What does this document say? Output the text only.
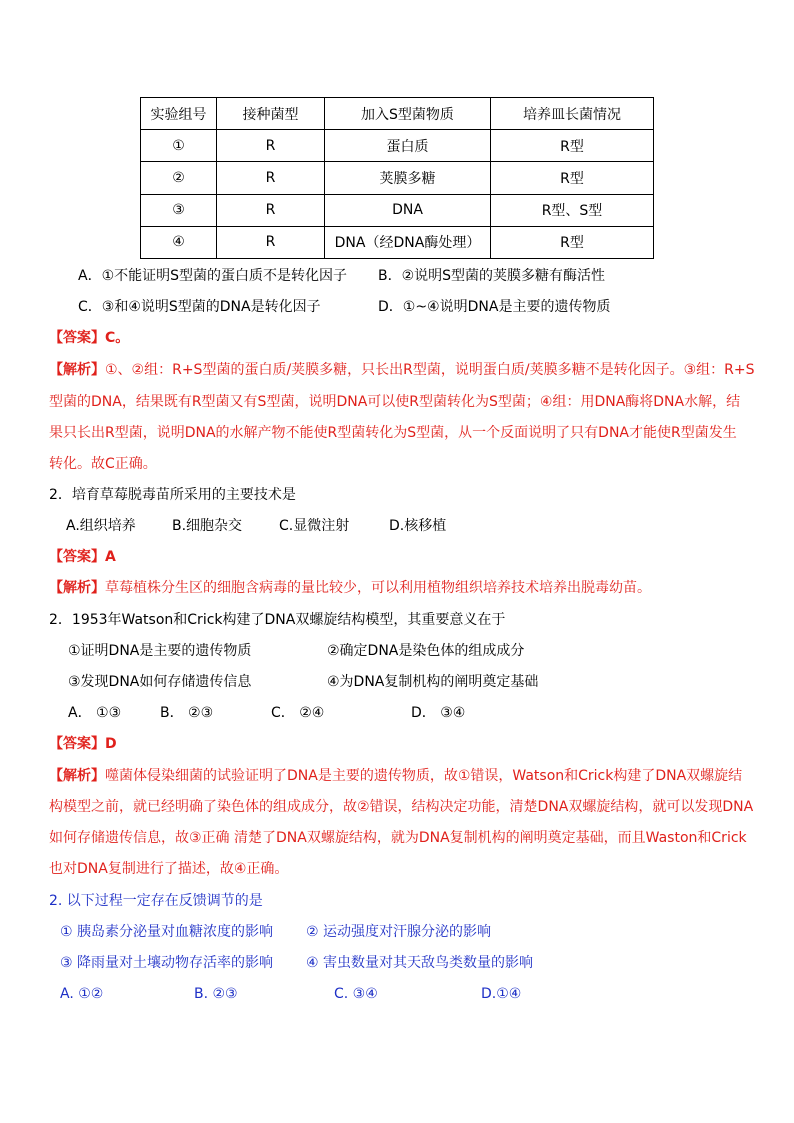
实验组号	接种菌型	加入S型菌物质	培养皿长菌情况
①	R	蛋白质	R型
②	R	荚膜多糖	R型
③	R	DNA	R型、S型
④	R	DNA（经DNA酶处理）	R型
A．①不能证明S型菌的蛋白质不是转化因子 B．②说明S型菌的荚膜多糖有酶活性
C．③和④说明S型菌的DNA是转化因子	D．①~④说明DNA是主要的遗传物质
【答案】C。
【解析】①、②组：R+S型菌的蛋白质/荚膜多糖，只长出R型菌，说明蛋白质/荚膜多糖不是转化因子。③组：R+S
型菌的DNA，结果既有R型菌又有S型菌，说明DNA可以使R型菌转化为S型菌；④组：用DNA酶将DNA水解，结
果只长出R型菌，说明DNA的水解产物不能使R型菌转化为S型菌，从一个反面说明了只有DNA才能使R型菌发生
转化。故C正确。
2．培育草莓脱毒苗所采用的主要技术是
A.组织培养	B.细胞杂交	C.显微注射	D.核移植
【答案】A
【解析】草莓植株分生区的细胞含病毒的量比较少，可以利用植物组织培养技术培养出脱毒幼苗。
2．1953年Watson和Crick构建了DNA双螺旋结构模型，其重要意义在于
①证明DNA是主要的遗传物质	②确定DNA是染色体的组成成分
③发现DNA如何存储遗传信息	④为DNA复制机构的阐明奠定基础
A． ①③	B． ②③	C． ②④	D． ③④
【答案】D
【解析】噬菌体侵染细菌的试验证明了DNA是主要的遗传物质，故①错误，Watson和Crick构建了DNA双螺旋结
构模型之前，就已经明确了染色体的组成成分，故②错误，结构决定功能，清楚DNA双螺旋结构，就可以发现DNA
如何存储遗传信息，故③正确 清楚了DNA双螺旋结构，就为DNA复制机构的阐明奠定基础，而且Waston和Crick
也对DNA复制进行了描述，故④正确。
2. 以下过程一定存在反馈调节的是
① 胰岛素分泌量对血糖浓度的影响 ② 运动强度对汗腺分泌的影响
③ 降雨量对土壤动物存活率的影响 ④ 害虫数量对其天敌鸟类数量的影响
A. ①②	B. ②③	C. ③④	D.①④
